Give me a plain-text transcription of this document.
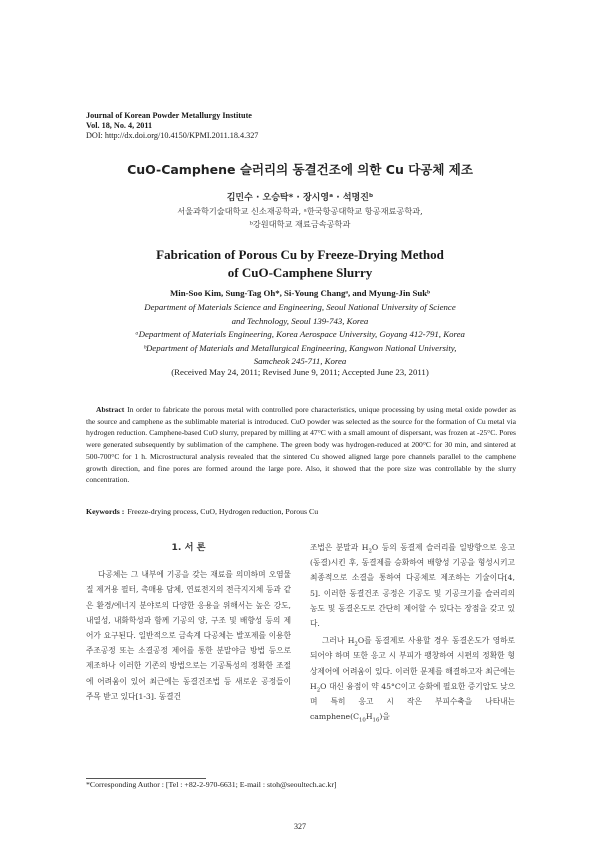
Journal of Korean Powder Metallurgy Institute
Vol. 18, No. 4, 2011
DOI: http://dx.doi.org/10.4150/KPMI.2011.18.4.327
CuO-Camphene 슬러리의 동결건조에 의한 Cu 다공체 제조
김민수 · 오승탁* · 장시영ᵃ · 석명진ᵇ
서울과학기술대학교 신소재공학과, ᵃ한국항공대학교 항공재료공학과,
ᵇ강원대학교 재료금속공학과
Fabrication of Porous Cu by Freeze-Drying Method
of CuO-Camphene Slurry
Min-Soo Kim, Sung-Tag Oh*, Si-Young Changᵃ, and Myung-Jin Sukᵇ
Department of Materials Science and Engineering, Seoul National University of Science
and Technology, Seoul 139-743, Korea
ᵃDepartment of Materials Engineering, Korea Aerospace University, Goyang 412-791, Korea
ᵇDepartment of Materials and Metallurgical Engineering, Kangwon National University,
Samcheok 245-711, Korea
(Received May 24, 2011; Revised June 9, 2011; Accepted June 23, 2011)
Abstract In order to fabricate the porous metal with controlled pore characteristics, unique processing by using metal oxide powder as the source and camphene as the sublimable material is introduced. CuO powder was selected as the source for the formation of Cu metal via hydrogen reduction. Camphene-based CuO slurry, prepared by milling at 47°C with a small amount of dispersant, was frozen at -25°C. Pores were generated subsequently by sublimation of the camphene. The green body was hydrogen-reduced at 200°C for 30 min, and sintered at 500-700°C for 1 h. Microstructural analysis revealed that the sintered Cu showed aligned large pore channels parallel to the camphene growth direction, and fine pores are formed around the large pore. Also, it showed that the pore size was controllable by the slurry concentration.
Keywords : Freeze-drying process, CuO, Hydrogen reduction, Porous Cu
1. 서 론

다공체는 그 내부에 기공을 갖는 재료를 의미하며 오염물질 제거용 필터, 촉매용 담체, 연료전지의 전극지지체 등과 같은 환경/에너지 분야로의 다양한 응용을 위해서는 높은 강도, 내열성, 내화학성과 함께 기공의 양, 구조 및 배향성 등의 제어가 요구된다. 일반적으로 금속계 다공체는 발포제를 이용한 주조공정 또는 소결공정 제어를 통한 분말야금 방법 등으로 제조하나 이러한 기존의 방법으로는 기공특성의 정확한 조절에 어려움이 있어 최근에는 동결건조법 등 새로운 공정들이 주목 받고 있다[1-3]. 동결건

조법은 분말과 $H_2O$ 등의 동결제 슬러리를 일방향으로 응고(동결)시킨 후, 동결제를 승화하여 배향성 기공을 형성시키고 최종적으로 소결을 통하여 다공체로 제조하는 기술이다[4, 5]. 이러한 동결건조 공정은 기공도 및 기공크기를 슬러리의 농도 및 동결온도로 간단히 제어할 수 있다는 장점을 갖고 있다.

그러나 $H_2O$를 동결제로 사용할 경우 동결온도가 영하로 되어야 하며 또한 응고 시 부피가 팽창하여 시편의 정확한 형상제어에 어려움이 있다. 이러한 문제를 해결하고자 최근에는 $H_2O$ 대신 융점이 약 45°C이고 승화에 필요한 증기압도 낮으며 특히 응고 시 작은 부피수축을 나타내는 $camphene(C_{10}H_{16})$을

*Corresponding Author : [Tel : +82-2-970-6631; E-mail : stoh@seoultech.ac.kr]
327
